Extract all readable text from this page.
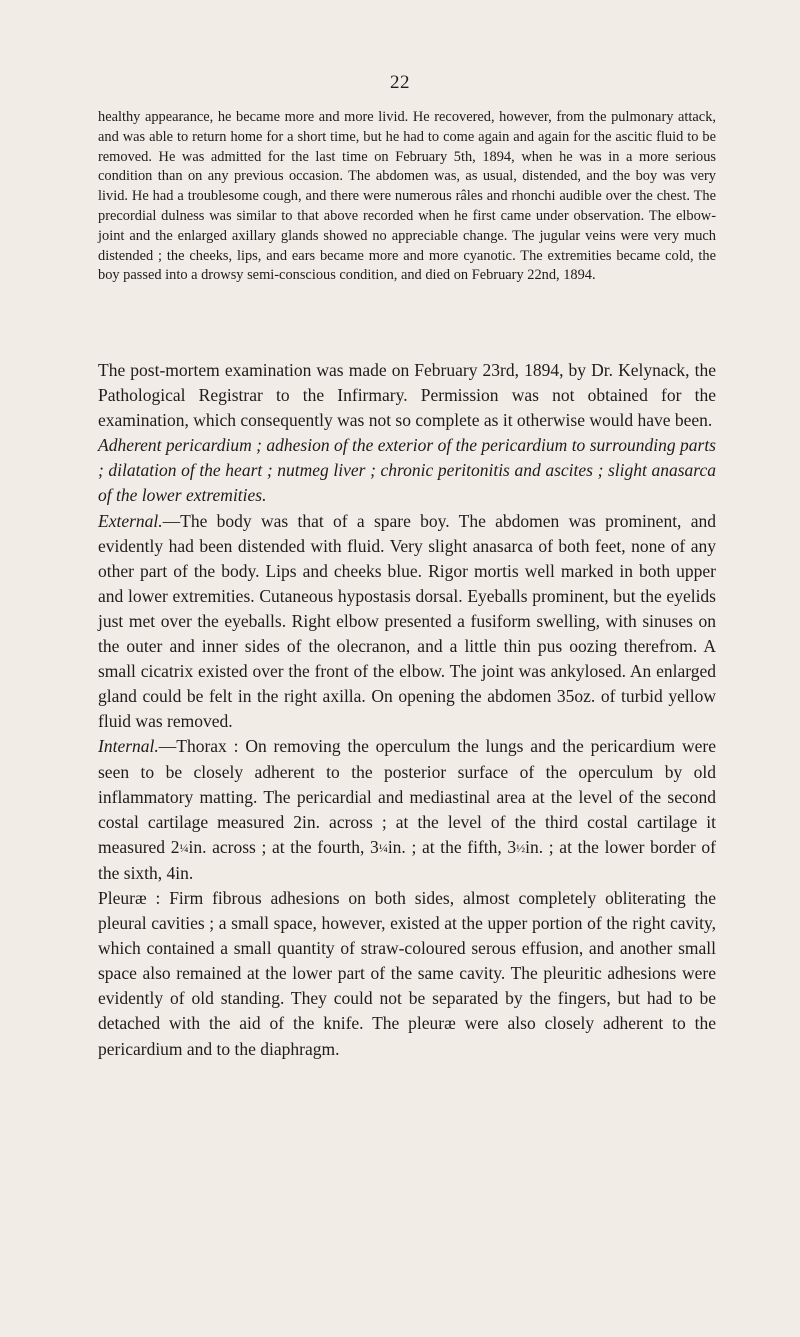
22

healthy appearance, he became more and more livid. He recovered, however, from the pulmonary attack, and was able to return home for a short time, but he had to come again and again for the ascitic fluid to be removed. He was admitted for the last time on February 5th, 1894, when he was in a more serious condition than on any previous occasion. The abdomen was, as usual, distended, and the boy was very livid. He had a troublesome cough, and there were numerous râles and rhonchi audible over the chest. The precordial dulness was similar to that above recorded when he first came under observation. The elbow-joint and the enlarged axillary glands showed no appreciable change. The jugular veins were very much distended ; the cheeks, lips, and ears became more and more cyanotic. The extremities became cold, the boy passed into a drowsy semi-conscious condition, and died on February 22nd, 1894.

The post-mortem examination was made on February 23rd, 1894, by Dr. Kelynack, the Pathological Registrar to the Infirmary. Permission was not obtained for the examination, which consequently was not so complete as it otherwise would have been.

Adherent pericardium ; adhesion of the exterior of the pericardium to surrounding parts ; dilatation of the heart ; nutmeg liver ; chronic peritonitis and ascites ; slight anasarca of the lower extremities.

External.—The body was that of a spare boy. The abdomen was prominent, and evidently had been distended with fluid. Very slight anasarca of both feet, none of any other part of the body. Lips and cheeks blue. Rigor mortis well marked in both upper and lower extremities. Cutaneous hypostasis dorsal. Eyeballs prominent, but the eyelids just met over the eyeballs. Right elbow presented a fusiform swelling, with sinuses on the outer and inner sides of the olecranon, and a little thin pus oozing therefrom. A small cicatrix existed over the front of the elbow. The joint was ankylosed. An enlarged gland could be felt in the right axilla. On opening the abdomen 35oz. of turbid yellow fluid was removed.

Internal.—Thorax : On removing the operculum the lungs and the pericardium were seen to be closely adherent to the posterior surface of the operculum by old inflammatory matting. The pericardial and mediastinal area at the level of the second costal cartilage measured 2in. across ; at the level of the third costal cartilage it measured 2¼in. across ; at the fourth, 3¼in. ; at the fifth, 3½in. ; at the lower border of the sixth, 4in.

Pleuræ : Firm fibrous adhesions on both sides, almost completely obliterating the pleural cavities ; a small space, however, existed at the upper portion of the right cavity, which contained a small quantity of straw-coloured serous effusion, and another small space also remained at the lower part of the same cavity. The pleuritic adhesions were evidently of old standing. They could not be separated by the fingers, but had to be detached with the aid of the knife. The pleuræ were also closely adherent to the pericardium and to the diaphragm.
